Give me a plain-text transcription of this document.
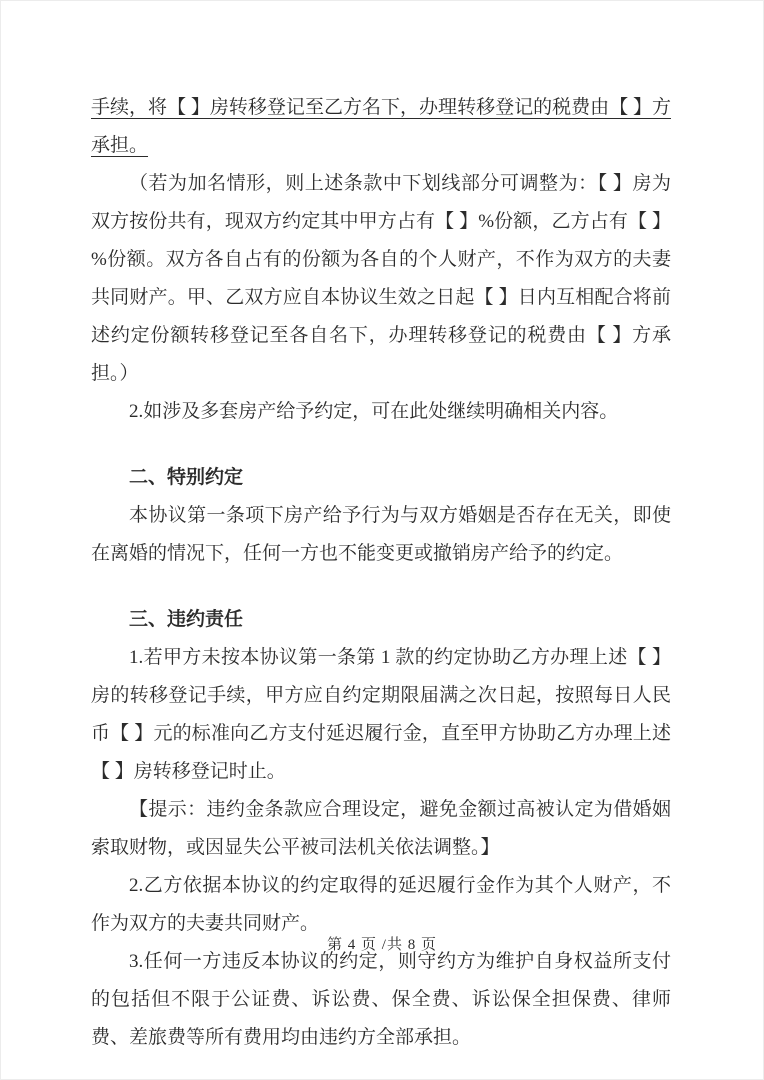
手续，将【 】房转移登记至乙方名下，办理转移登记的税费由【 】方承担。

（若为加名情形，则上述条款中下划线部分可调整为：【 】房为双方按份共有，现双方约定其中甲方占有【 】%份额，乙方占有【 】%份额。双方各自占有的份额为各自的个人财产，不作为双方的夫妻共同财产。甲、乙双方应自本协议生效之日起【 】日内互相配合将前述约定份额转移登记至各自名下，办理转移登记的税费由【 】方承担。）

2.如涉及多套房产给予约定，可在此处继续明确相关内容。

二、特别约定

本协议第一条项下房产给予行为与双方婚姻是否存在无关，即使在离婚的情况下，任何一方也不能变更或撤销房产给予的约定。

三、违约责任

1.若甲方未按本协议第一条第 1 款的约定协助乙方办理上述【 】房的转移登记手续，甲方应自约定期限届满之次日起，按照每日人民币【 】元的标准向乙方支付延迟履行金，直至甲方协助乙方办理上述【 】房转移登记时止。

【提示：违约金条款应合理设定，避免金额过高被认定为借婚姻索取财物，或因显失公平被司法机关依法调整。】

2.乙方依据本协议的约定取得的延迟履行金作为其个人财产，不作为双方的夫妻共同财产。

3.任何一方违反本协议的约定，则守约方为维护自身权益所支付的包括但不限于公证费、诉讼费、保全费、诉讼保全担保费、律师费、差旅费等所有费用均由违约方全部承担。

第 4 页 /共 8 页
